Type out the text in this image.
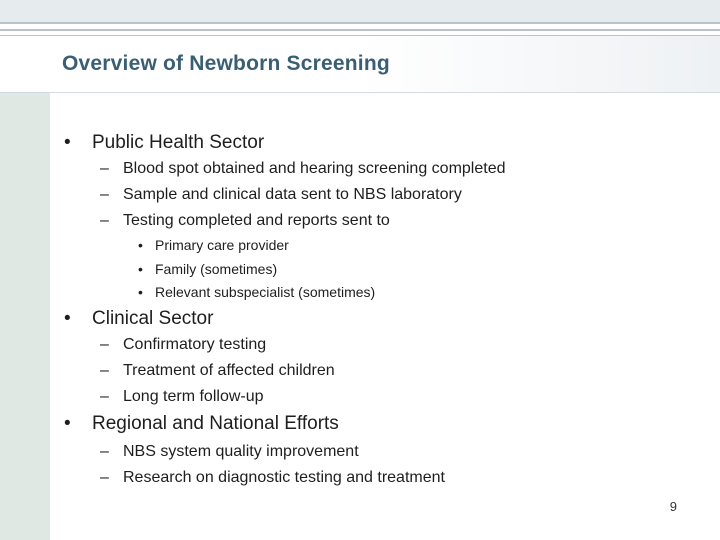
Overview of Newborn Screening
• Public Health Sector
– Blood spot obtained and hearing screening completed
– Sample and clinical data sent to NBS laboratory
– Testing completed and reports sent to
• Primary care provider
• Family (sometimes)
• Relevant subspecialist (sometimes)
• Clinical Sector
– Confirmatory testing
– Treatment of affected children
– Long term follow-up
• Regional and National Efforts
– NBS system quality improvement
– Research on diagnostic testing and treatment
9
